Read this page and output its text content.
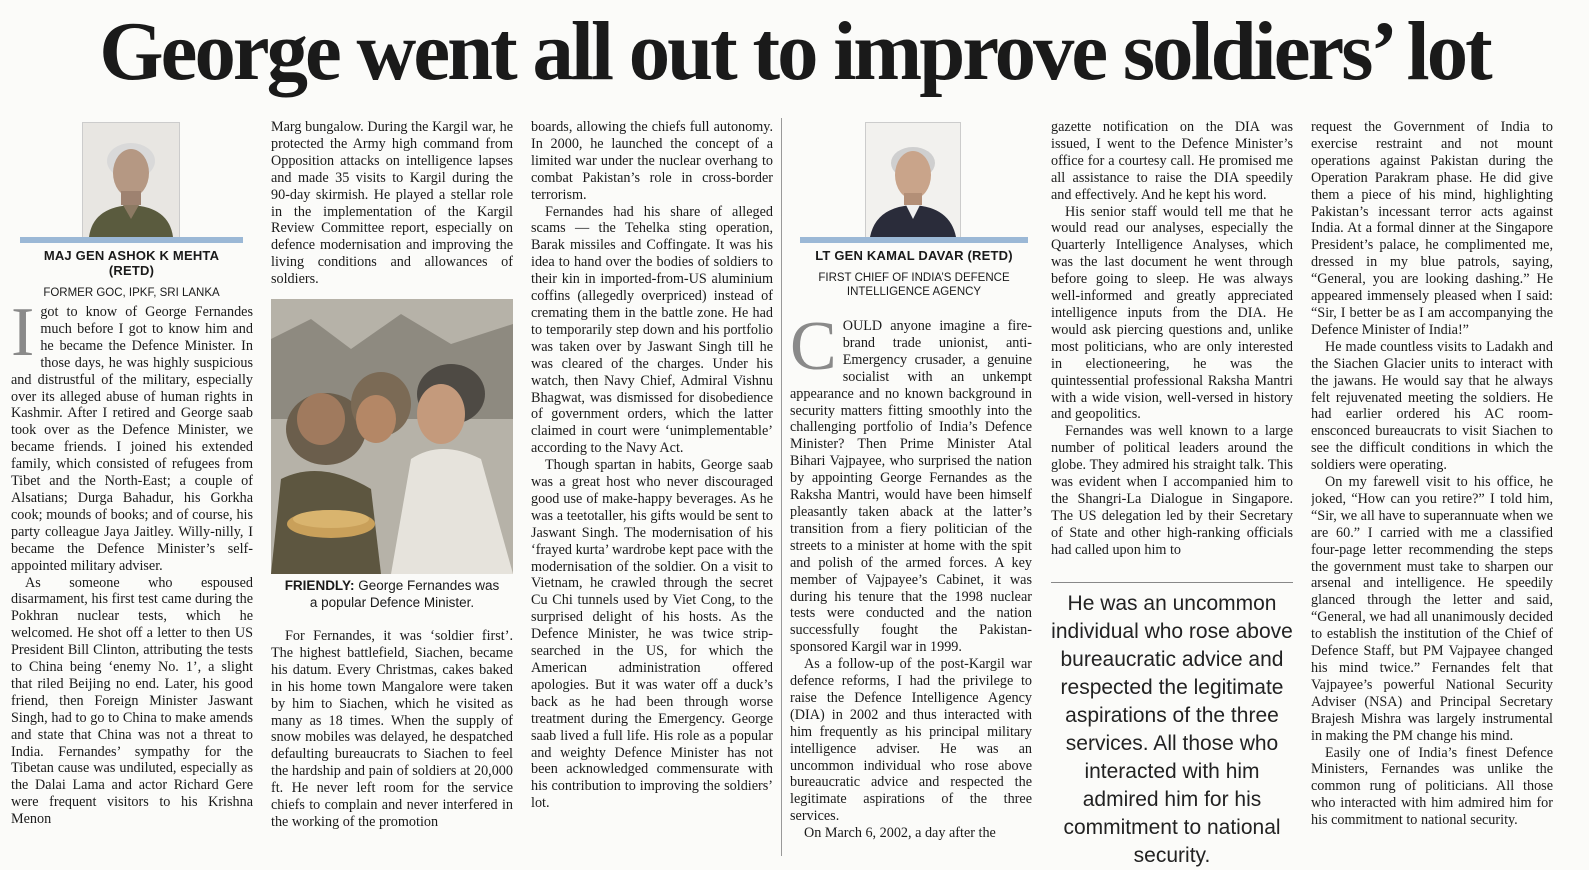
George went all out to improve soldiers’ lot
MAJ GEN ASHOK K MEHTA (RETD)
FORMER GOC, IPKF, SRI LANKA

Igot to know of George Fernandes much before I got to know him and he became the Defence Minister. In those days, he was highly suspicious and distrustful of the military, especially over its alleged abuse of human rights in Kashmir. After I retired and George saab took over as the Defence Minister, we became friends. I joined his extended family, which consisted of refugees from Tibet and the North-East; a couple of Alsatians; Durga Bahadur, his Gorkha cook; mounds of books; and of course, his party colleague Jaya Jaitley. Willy-nilly, I became the Defence Minister’s self-appointed military adviser.

As someone who espoused disarmament, his first test came during the Pokhran nuclear tests, which he welcomed. He shot off a letter to then US President Bill Clinton, attributing the tests to China being ‘enemy No. 1’, a slight that riled Beijing no end. Later, his good friend, then Foreign Minister Jaswant Singh, had to go to China to make amends and state that China was not a threat to India. Fernandes’ sympathy for the Tibetan cause was undiluted, especially as the Dalai Lama and actor Richard Gere were frequent visitors to his Krishna Menon

Marg bungalow. During the Kargil war, he protected the Army high command from Opposition attacks on intelligence lapses and made 35 visits to Kargil during the 90-day skirmish. He played a stellar role in the implementation of the Kargil Review Committee report, especially on defence modernisation and improving the living conditions and allowances of soldiers.

FRIENDLY: George Fernandes was
a popular Defence Minister.

For Fernandes, it was ‘soldier first’. The highest battlefield, Siachen, became his datum. Every Christmas, cakes baked in his home town Mangalore were taken by him to Siachen, which he visited as many as 18 times. When the supply of snow mobiles was delayed, he despatched defaulting bureaucrats to Siachen to feel the hardship and pain of soldiers at 20,000 ft. He never left room for the service chiefs to complain and never interfered in the working of the promotion

boards, allowing the chiefs full autonomy. In 2000, he launched the concept of a limited war under the nuclear overhang to combat Pakistan’s role in cross-border terrorism.

Fernandes had his share of alleged scams — the Tehelka sting operation, Barak missiles and Coffingate. It was his idea to hand over the bodies of soldiers to their kin in imported-from-US aluminium coffins (allegedly overpriced) instead of cremating them in the battle zone. He had to temporarily step down and his portfolio was taken over by Jaswant Singh till he was cleared of the charges. Under his watch, then Navy Chief, Admiral Vishnu Bhagwat, was dismissed for disobedience of government orders, which the latter claimed in court were ‘unimplementable’ according to the Navy Act.

Though spartan in habits, George saab was a great host who never discouraged good use of make-happy beverages. As he was a teetotaller, his gifts would be sent to Jaswant Singh. The modernisation of his ‘frayed kurta’ wardrobe kept pace with the modernisation of the soldier. On a visit to Vietnam, he crawled through the secret Cu Chi tunnels used by Viet Cong, to the surprised delight of his hosts. As the Defence Minister, he was twice strip-searched in the US, for which the American administration offered apologies. But it was water off a duck’s back as he had been through worse treatment during the Emergency. George saab lived a full life. His role as a popular and weighty Defence Minister has not been acknowledged commensurate with his contribution to improving the soldiers’ lot.

LT GEN KAMAL DAVAR (RETD)
FIRST CHIEF OF INDIA’S DEFENCE
INTELLIGENCE AGENCY

COULD anyone imagine a fire-brand trade unionist, anti-Emergency crusader, a genuine socialist with an unkempt appearance and no known background in security matters fitting smoothly into the challenging portfolio of India’s Defence Minister? Then Prime Minister Atal Bihari Vajpayee, who surprised the nation by appointing George Fernandes as the Raksha Mantri, would have been himself pleasantly taken aback at the latter’s transition from a fiery politician of the streets to a minister at home with the spit and polish of the armed forces. A key member of Vajpayee’s Cabinet, it was during his tenure that the 1998 nuclear tests were conducted and the nation successfully fought the Pakistan-sponsored Kargil war in 1999.

As a follow-up of the post-Kargil war defence reforms, I had the privilege to raise the Defence Intelligence Agency (DIA) in 2002 and thus interacted with him frequently as his principal military intelligence adviser. He was an uncommon individual who rose above bureaucratic advice and respected the legitimate aspirations of the three services.

On March 6, 2002, a day after the

gazette notification on the DIA was issued, I went to the Defence Minister’s office for a courtesy call. He promised me all assistance to raise the DIA speedily and effectively. And he kept his word.

His senior staff would tell me that he would read our analyses, especially the Quarterly Intelligence Analyses, which was the last document he went through before going to sleep. He was always well-informed and greatly appreciated intelligence inputs from the DIA. He would ask piercing questions and, unlike most politicians, who are only interested in electioneering, he was the quintessential professional Raksha Mantri with a wide vision, well-versed in history and geopolitics.

Fernandes was well known to a large number of political leaders around the globe. They admired his straight talk. This was evident when I accompanied him to the Shangri-La Dialogue in Singapore. The US delegation led by their Secretary of State and other high-ranking officials had called upon him to

He was an uncommon individual who rose above bureaucratic advice and respected the legitimate aspirations of the three services. All those who interacted with him admired him for his commitment to national security.

request the Government of India to exercise restraint and not mount operations against Pakistan during the Operation Parakram phase. He did give them a piece of his mind, highlighting Pakistan’s incessant terror acts against India. At a formal dinner at the Singapore President’s palace, he complimented me, dressed in my blue patrols, saying, “General, you are looking dashing.” He appeared immensely pleased when I said: “Sir, I better be as I am accompanying the Defence Minister of India!”

He made countless visits to Ladakh and the Siachen Glacier units to interact with the jawans. He would say that he always felt rejuvenated meeting the soldiers. He had earlier ordered his AC room-ensconced bureaucrats to visit Siachen to see the difficult conditions in which the soldiers were operating.

On my farewell visit to his office, he joked, “How can you retire?” I told him, “Sir, we all have to superannuate when we are 60.” I carried with me a classified four-page letter recommending the steps the government must take to sharpen our arsenal and intelligence. He speedily glanced through the letter and said, “General, we had all unanimously decided to establish the institution of the Chief of Defence Staff, but PM Vajpayee changed his mind twice.” Fernandes felt that Vajpayee’s powerful National Security Adviser (NSA) and Principal Secretary Brajesh Mishra was largely instrumental in making the PM change his mind.

Easily one of India’s finest Defence Ministers, Fernandes was unlike the common rung of politicians. All those who interacted with him admired him for his commitment to national security.
